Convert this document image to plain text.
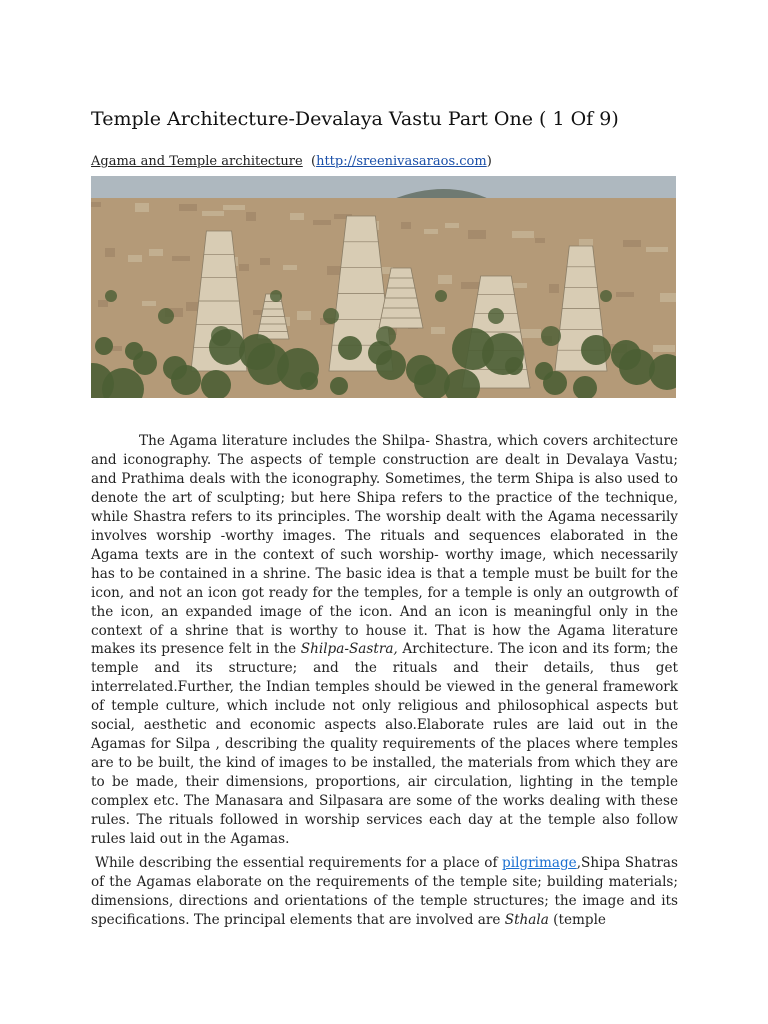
Temple Architecture-Devalaya Vastu Part One ( 1 Of 9)
Agama and Temple architecture  (http://sreenivasaraos.com)

The Agama literature includes the Shilpa- Shastra, which covers architecture and iconography. The aspects of temple construction are dealt in Devalaya Vastu; and Prathima deals with the iconography. Sometimes, the term Shipa is also used to denote the art of sculpting; but here Shipa refers to the practice of the technique, while Shastra refers to its principles. The worship dealt with the Agama necessarily involves worship -worthy images. The rituals and sequences elaborated in the Agama texts are in the context of such worship- worthy image, which necessarily has to be contained in a shrine. The basic idea is that a temple must be built for the icon, and not an icon got ready for the temples, for a temple is only an outgrowth of the icon, an expanded image of the icon. And an icon is meaningful only in the context of a shrine that is worthy to house it. That is how the Agama literature makes its presence felt in the Shilpa-Sastra, Architecture. The icon and its form; the temple and its structure; and the rituals and their details, thus get interrelated.Further, the Indian temples should be viewed in the general framework of temple culture, which include not only religious and philosophical aspects but social, aesthetic and economic aspects also.Elaborate rules are laid out in the Agamas for Silpa , describing the quality requirements of the places where temples are to be built, the kind of images to be installed, the materials from which they are to be made, their dimensions, proportions, air circulation, lighting in the temple complex etc. The Manasara and Silpasara are some of the works dealing with these rules. The rituals followed in worship services each day at the temple also follow rules laid out in the Agamas.

While describing the essential requirements for a place of pilgrimage,Shipa Shatras of the Agamas elaborate on the requirements of the temple site; building materials; dimensions, directions and orientations of the temple structures; the image and its specifications. The principal elements that are involved are Sthala (temple
